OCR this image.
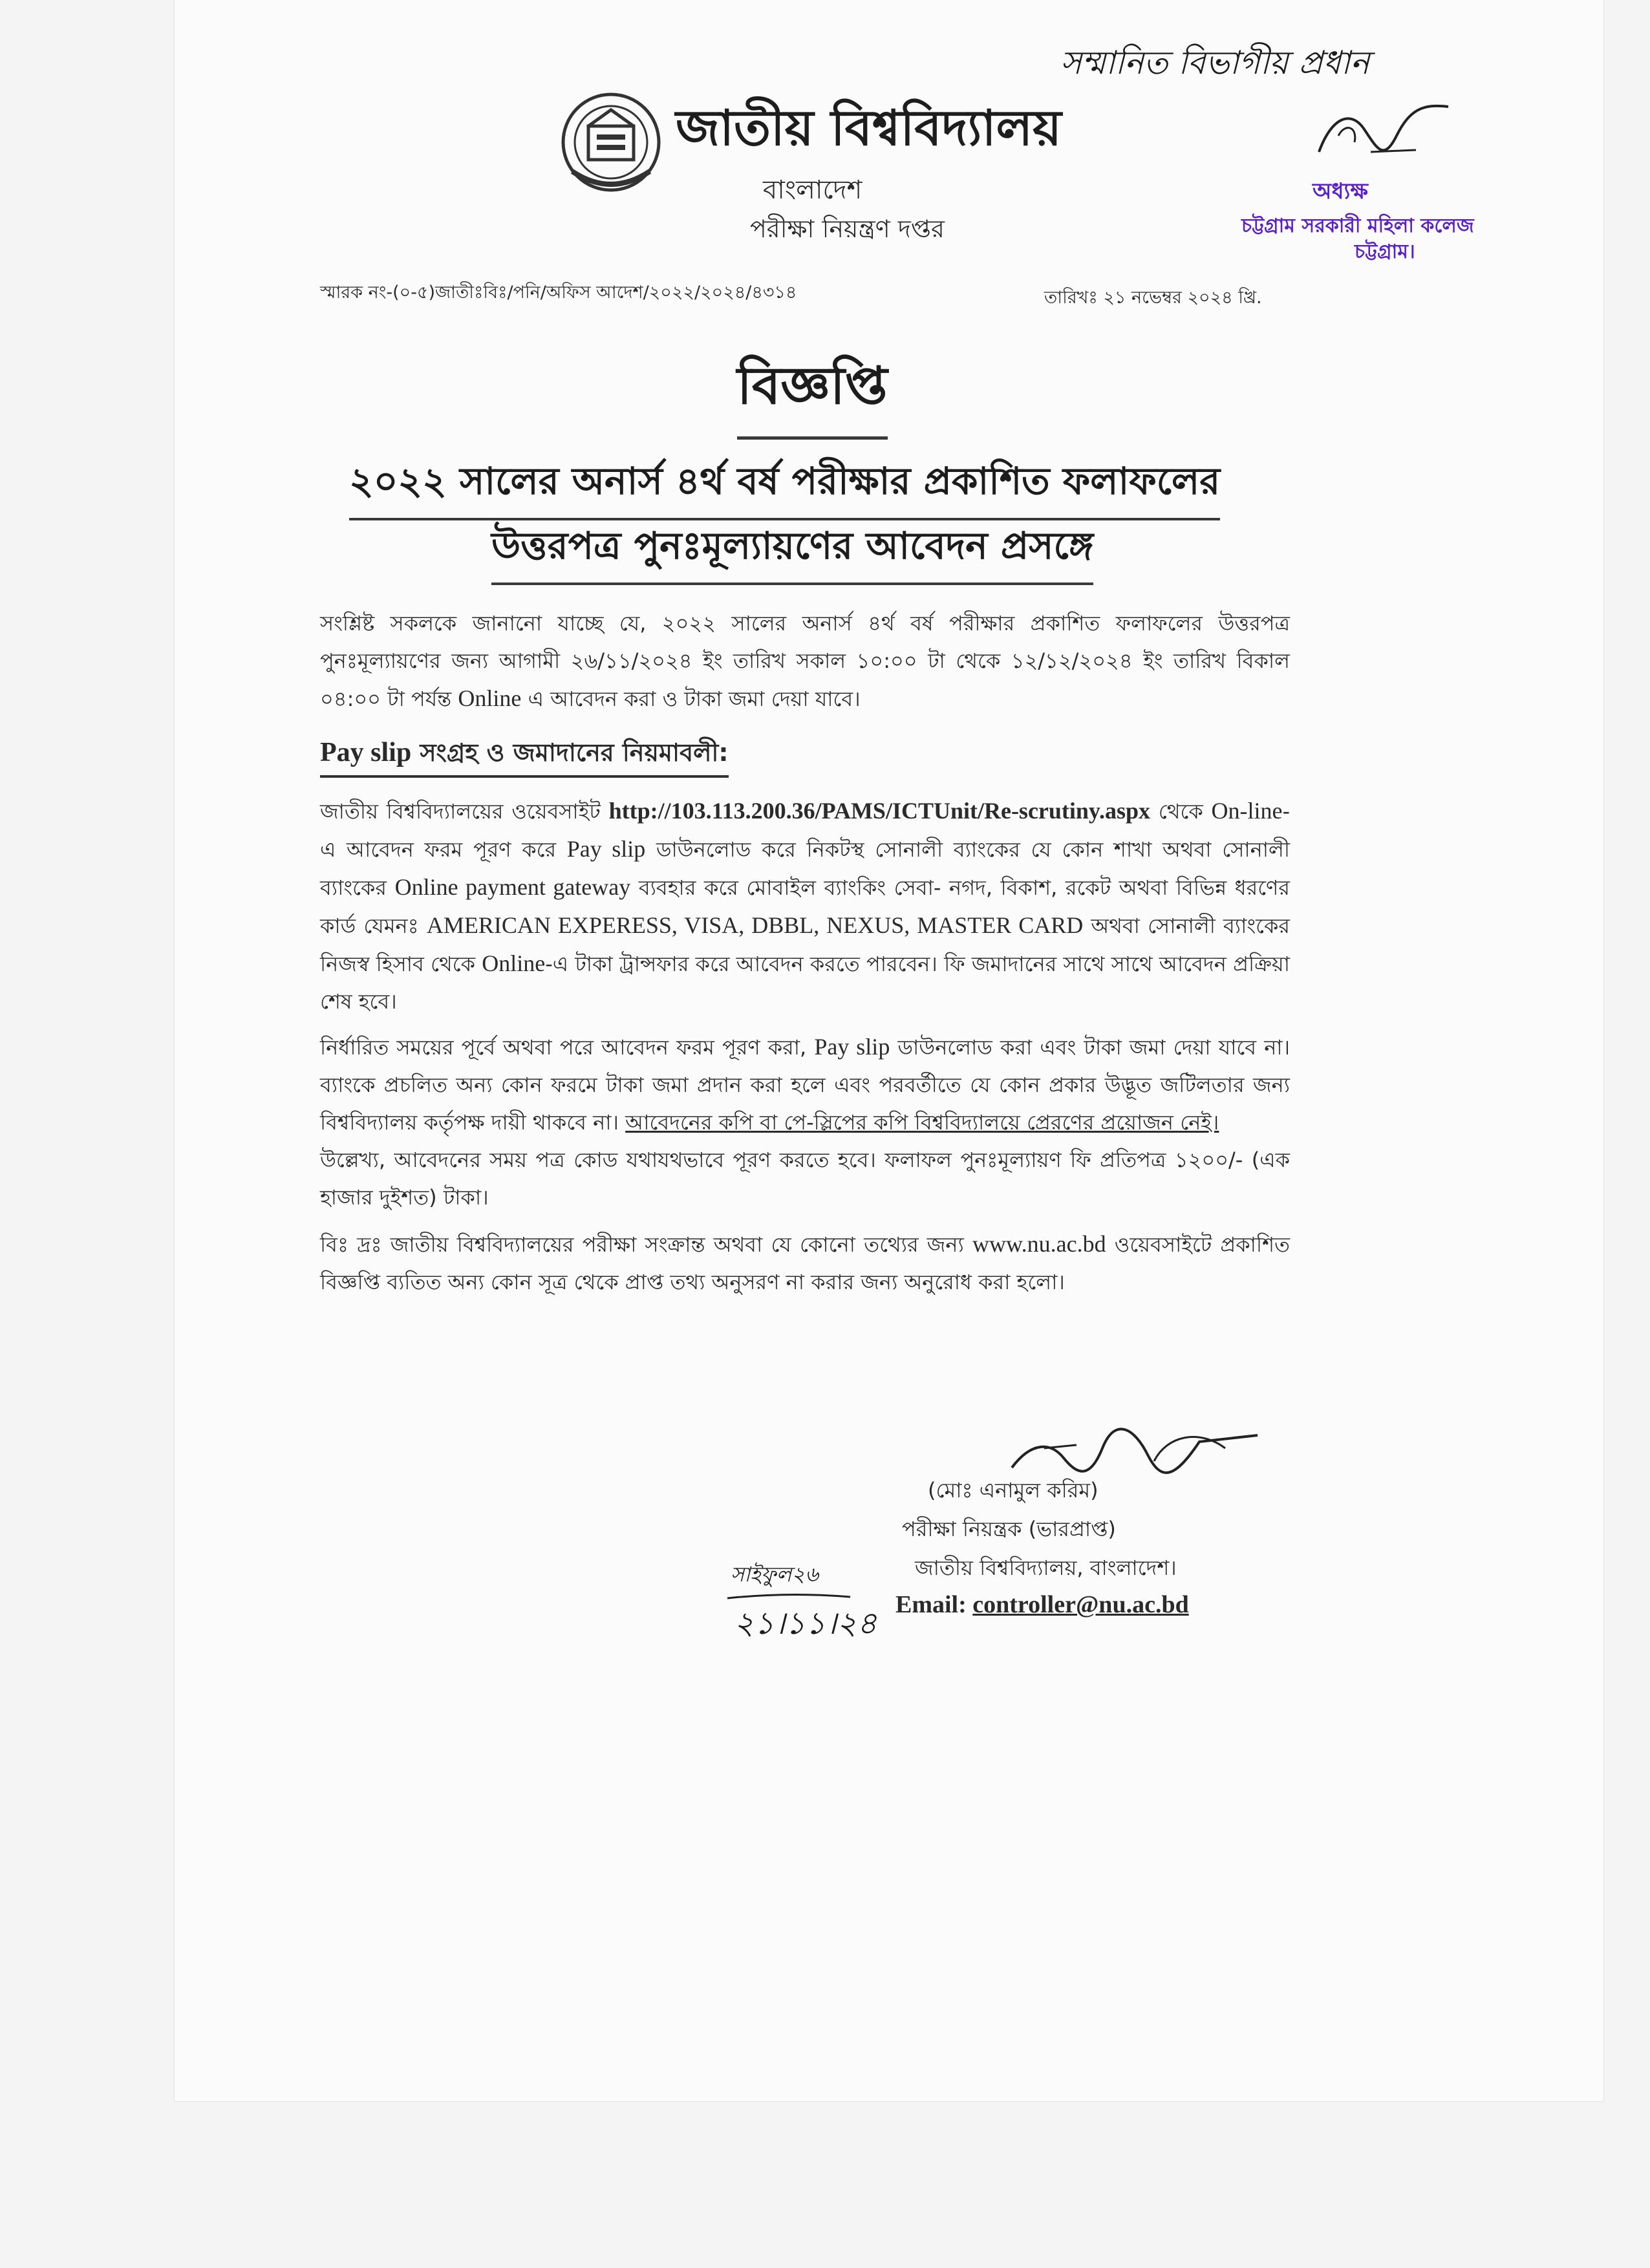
সম্মানিত বিভাগীয় প্রধান
অধ্যক্ষ
চট্টগ্রাম সরকারী মহিলা কলেজ
চট্টগ্রাম।
জাতীয় বিশ্ববিদ্যালয়
বাংলাদেশ
পরীক্ষা নিয়ন্ত্রণ দপ্তর
স্মারক নং-(০-৫)জাতীঃবিঃ/পনি/অফিস আদেশ/২০২২/২০২৪/৪৩১৪	তারিখঃ ২১ নভেম্বর ২০২৪ খ্রি.
বিজ্ঞপ্তি
২০২২ সালের অনার্স ৪র্থ বর্ষ পরীক্ষার প্রকাশিত ফলাফলের
উত্তরপত্র পুনঃমূল্যায়ণের আবেদন প্রসঙ্গে
সংশ্লিষ্ট সকলকে জানানো যাচ্ছে যে, ২০২২ সালের অনার্স ৪র্থ বর্ষ পরীক্ষার প্রকাশিত ফলাফলের উত্তরপত্র পুনঃমূল্যায়ণের জন্য আগামী ২৬/১১/২০২৪ ইং তারিখ সকাল ১০:০০ টা থেকে ১২/১২/২০২৪ ইং তারিখ বিকাল ০৪:০০ টা পর্যন্ত Online এ আবেদন করা ও টাকা জমা দেয়া যাবে।
Pay slip সংগ্রহ ও জমাদানের নিয়মাবলী:
জাতীয় বিশ্ববিদ্যালয়ের ওয়েবসাইট http://103.113.200.36/PAMS/ICTUnit/Re-scrutiny.aspx থেকে On-line-এ আবেদন ফরম পূরণ করে Pay slip ডাউনলোড করে নিকটস্থ সোনালী ব্যাংকের যে কোন শাখা অথবা সোনালী ব্যাংকের Online payment gateway ব্যবহার করে মোবাইল ব্যাংকিং সেবা- নগদ, বিকাশ, রকেট অথবা বিভিন্ন ধরণের কার্ড যেমনঃ AMERICAN EXPERESS, VISA, DBBL, NEXUS, MASTER CARD অথবা সোনালী ব্যাংকের নিজস্ব হিসাব থেকে Online-এ টাকা ট্রান্সফার করে আবেদন করতে পারবেন। ফি জমাদানের সাথে সাথে আবেদন প্রক্রিয়া শেষ হবে।
নির্ধারিত সময়ের পূর্বে অথবা পরে আবেদন ফরম পূরণ করা, Pay slip ডাউনলোড করা এবং টাকা জমা দেয়া যাবে না। ব্যাংকে প্রচলিত অন্য কোন ফরমে টাকা জমা প্রদান করা হলে এবং পরবর্তীতে যে কোন প্রকার উদ্ভূত জটিলতার জন্য বিশ্ববিদ্যালয় কর্তৃপক্ষ দায়ী থাকবে না। আবেদনের কপি বা পে-স্লিপের কপি বিশ্ববিদ্যালয়ে প্রেরণের প্রয়োজন নেই।
উল্লেখ্য, আবেদনের সময় পত্র কোড যথাযথভাবে পূরণ করতে হবে। ফলাফল পুনঃমূল্যায়ণ ফি প্রতিপত্র ১২০০/- (এক হাজার দুইশত) টাকা।
বিঃ দ্রঃ জাতীয় বিশ্ববিদ্যালয়ের পরীক্ষা সংক্রান্ত অথবা যে কোনো তথ্যের জন্য www.nu.ac.bd ওয়েবসাইটে প্রকাশিত বিজ্ঞপ্তি ব্যতিত অন্য কোন সূত্র থেকে প্রাপ্ত তথ্য অনুসরণ না করার জন্য অনুরোধ করা হলো।
(মোঃ এনামুল করিম)
পরীক্ষা নিয়ন্ত্রক (ভারপ্রাপ্ত)
জাতীয় বিশ্ববিদ্যালয়, বাংলাদেশ।
Email: controller@nu.ac.bd
সাইফুল২৬
২১।১১।২৪
